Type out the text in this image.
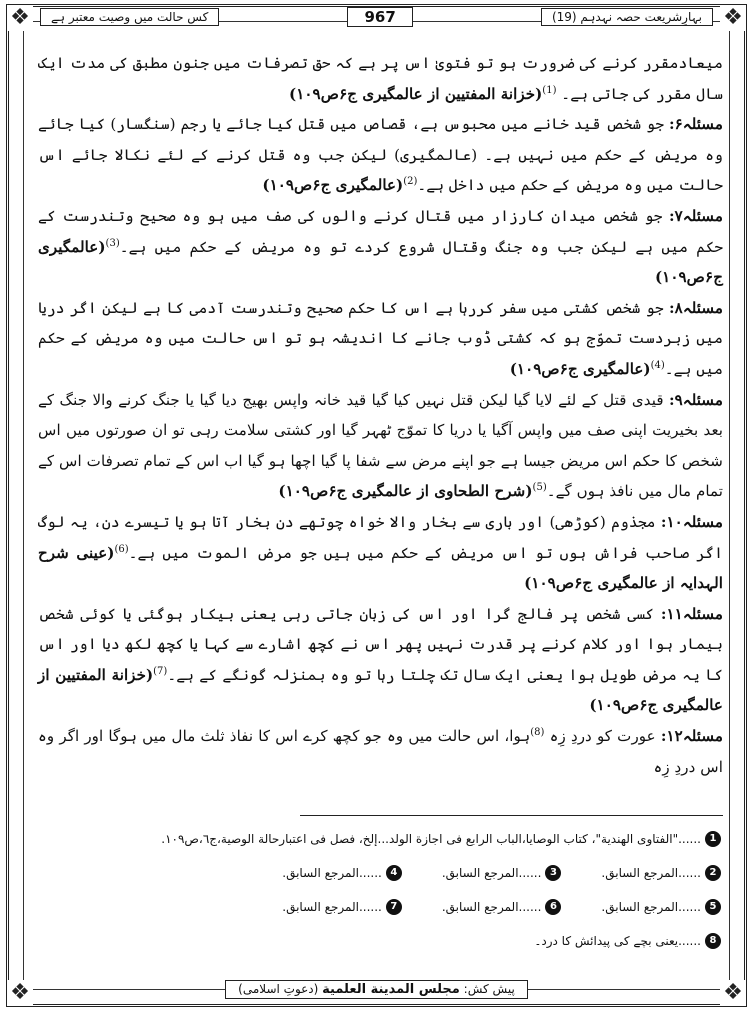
❖	❖
❖	❖
کس حالت میں وصیت معتبر ہے	967	بہارِشریعت حصہ نہدہم (19)

میعادمقرر کرنے کی ضرورت ہو تو فتویٰ اس پر ہے کہ حق تصرفات میں جنون مطبق کی مدت ایک سال مقرر کی جاتی ہے۔ $^{(1)}$(خزانة المفتيين از عالمگیری ج۶ص۱۰۹)

مسئلہ۶: جو شخص قید خانے میں محبوس ہے، قصاص میں قتل کیا جائے یا رجم (سنگسار) کیا جائے وہ مریض کے حکم میں نہیں ہے۔ (عالمگیری) لیکن جب وہ قتل کرنے کے لئے نکالا جائے اس حالت میں وہ مریض کے حکم میں داخل ہے۔$^{(2)}$(عالمگیری ج۶ص۱۰۹)

مسئلہ۷: جو شخص میدان کارزار میں قتال کرنے والوں کی صف میں ہو وہ صحیح وتندرست کے حکم میں ہے لیکن جب وہ جنگ وقتال شروع کردے تو وہ مریض کے حکم میں ہے۔$^{(3)}$(عالمگیری ج۶ص۱۰۹)

مسئلہ۸: جو شخص کشتی میں سفر کررہا ہے اس کا حکم صحیح وتندرست آدمی کا ہے لیکن اگر دریا میں زبردست تموّج ہو کہ کشتی ڈوب جانے کا اندیشہ ہو تو اس حالت میں وہ مریض کے حکم میں ہے۔$^{(4)}$(عالمگیری ج۶ص۱۰۹)

مسئلہ۹: قیدی قتل کے لئے لایا گیا لیکن قتل نہیں کیا گیا قید خانہ واپس بھیج دیا گیا یا جنگ کرنے والا جنگ کے بعد بخیریت اپنی صف میں واپس آگیا یا دریا کا تموّج ٹھہر گیا اور کشتی سلامت رہی تو ان صورتوں میں اس شخص کا حکم اس مریض جیسا ہے جو اپنے مرض سے شفا پا گیا اچھا ہو گیا اب اس کے تمام تصرفات اس کے تمام مال میں نافذ ہوں گے۔$^{(5)}$(شرح الطحاوی از عالمگیری ج۶ص۱۰۹)

مسئلہ۱۰: مجذوم (کوڑھی) اور باری سے بخار والا خواہ چوتھے دن بخار آتا ہو یا تیسرے دن، یہ لوگ اگر صاحب فراش ہوں تو اس مریض کے حکم میں ہیں جو مرض الموت میں ہے۔$^{(6)}$(عینی شرح الہدایہ از عالمگیری ج۶ص۱۰۹)

مسئلہ۱۱: کسی شخص پر فالج گرا اور اس کی زبان جاتی رہی یعنی بیکار ہوگئی یا کوئی شخص بیمار ہوا اور کلام کرنے پر قدرت نہیں پھر اس نے کچھ اشارے سے کہا یا کچھ لکھ دیا اور اس کا یہ مرض طویل ہوا یعنی ایک سال تک چلتا رہا تو وہ بمنزلہ گونگے کے ہے۔$^{(7)}$(خزانة المفتيين از عالمگیری ج۶ص۱۰۹)

مسئلہ۱۲: عورت کو دردِ زِہ $^{(8)}$ہوا، اس حالت میں وہ جو کچھ کرے اس کا نفاذ ثلث مال میں ہوگا اور اگر وہ اس دردِ زِہ

1
......"الفتاوی الهندية"، كتاب الوصايا،الباب الرابع فی اجازة الولد...إلخ، فصل فی اعتبارحالة الوصية،ج٦،ص١٠٩.
2
......المرجع السابق.
3
......المرجع السابق.
4
......المرجع السابق.
5
......المرجع السابق.
6
......المرجع السابق.
7
......المرجع السابق.
8
......یعنی بچے کی پیدائش کا درد۔
پیش کش: مجلس المدينة العلمية (دعوتِ اسلامی)
